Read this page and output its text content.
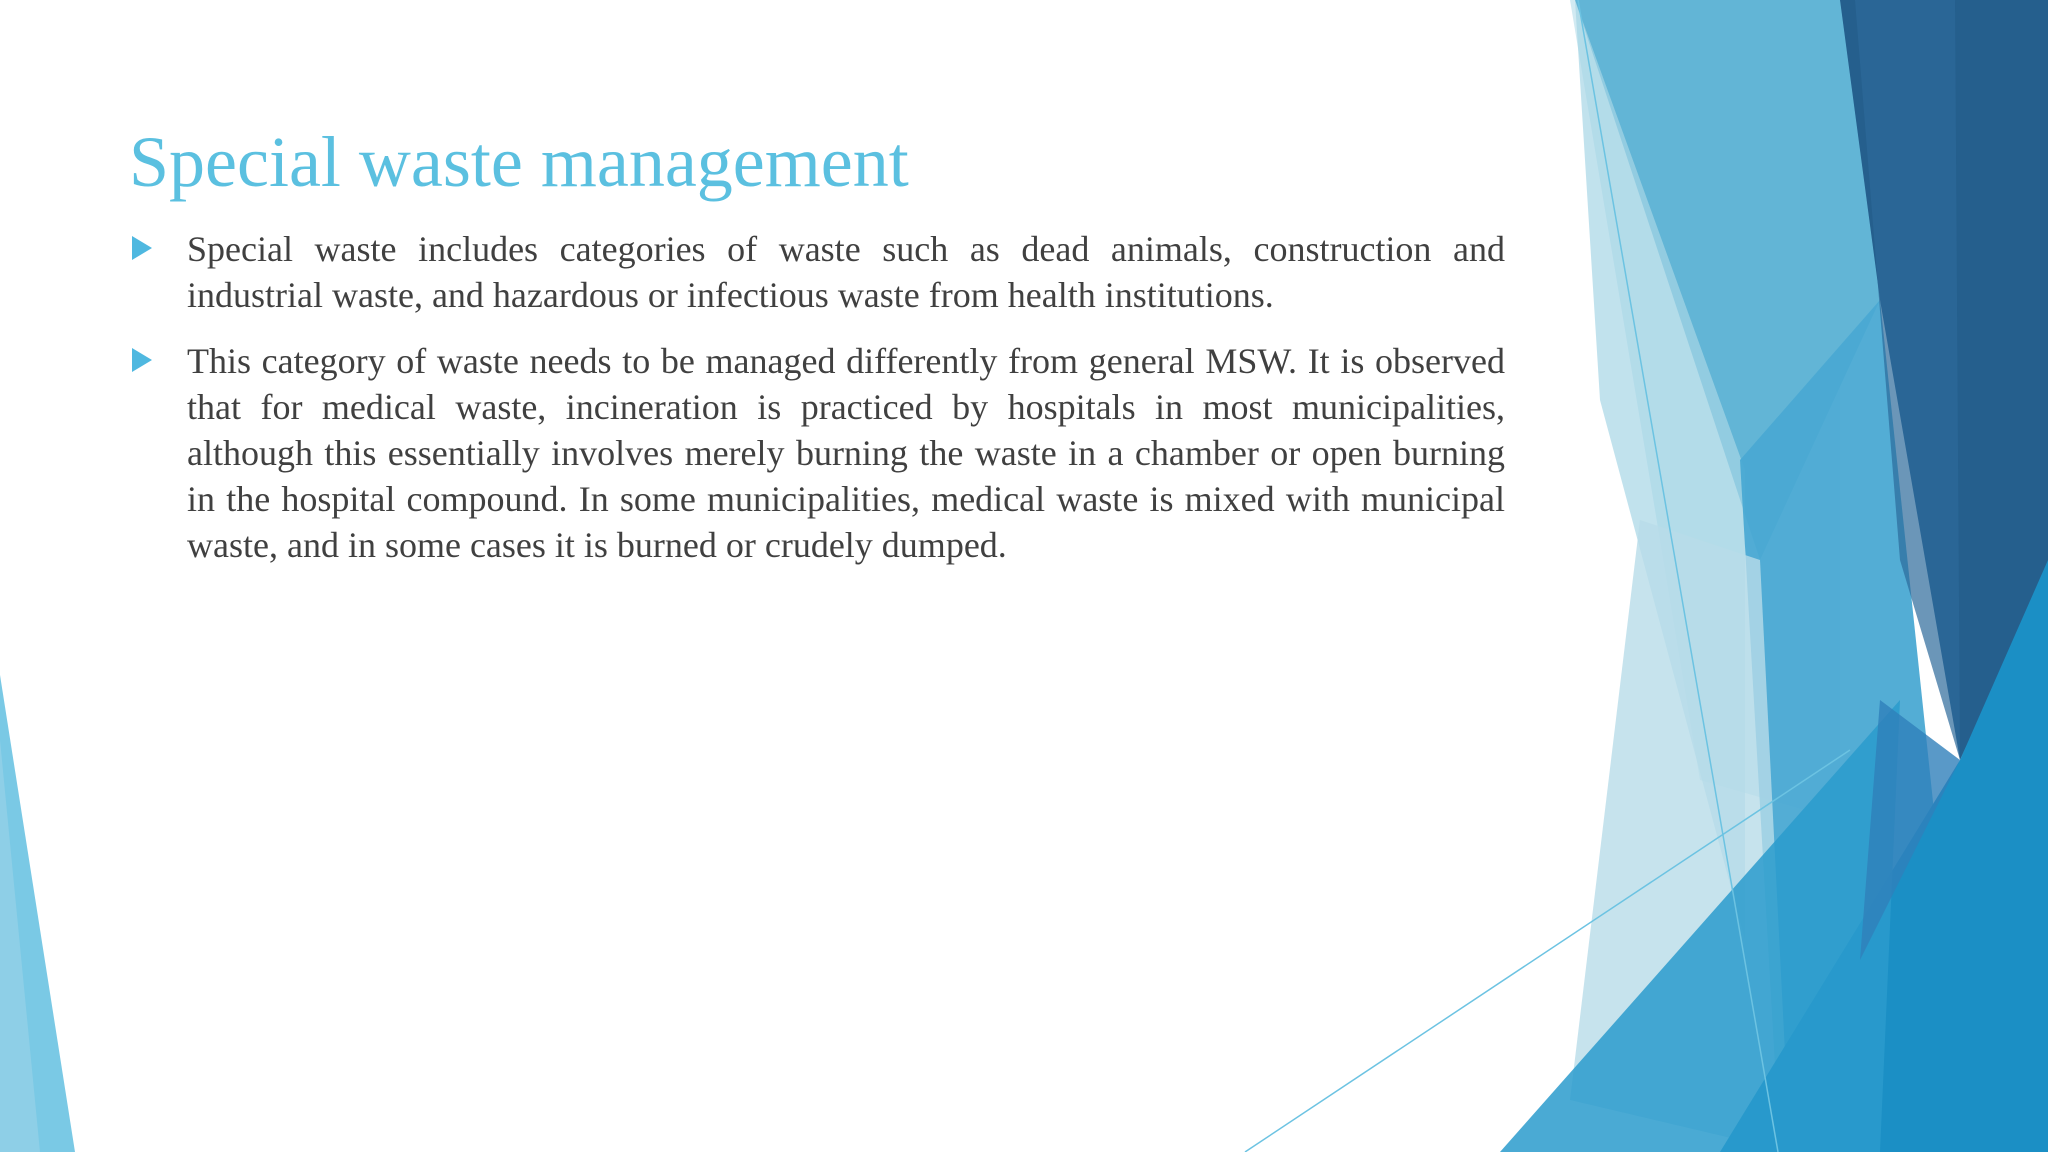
Special waste management
Special waste includes categories of waste such as dead animals, construction and industrial waste, and hazardous or infectious waste from health institutions.
This category of waste needs to be managed differently from general MSW. It is observed that for medical waste, incineration is practiced by hospitals in most municipalities, although this essentially involves merely burning the waste in a chamber or open burning in the hospital compound. In some municipalities, medical waste is mixed with municipal waste, and in some cases it is burned or crudely dumped.
